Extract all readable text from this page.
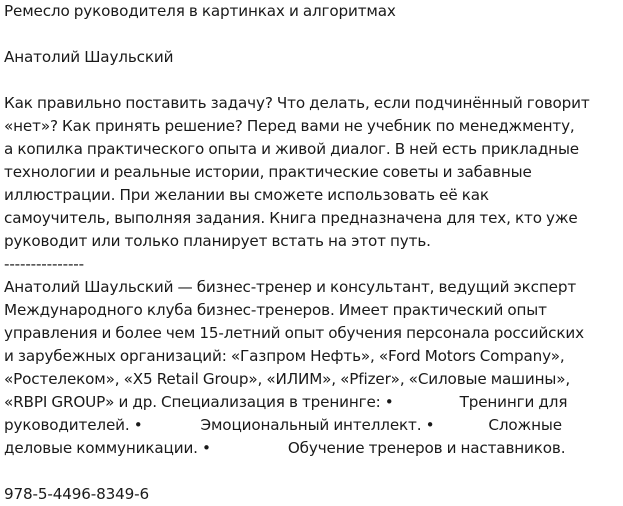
Ремесло руководителя в картинках и алгоритмах

Анатолий Шаульский

Как правильно поставить задачу? Что делать, если подчинённый говорит
«нет»? Как принять решение? Перед вами не учебник по менеджменту,
а копилка практического опыта и живой диалог. В ней есть прикладные
технологии и реальные истории, практические советы и забавные
иллюстрации. При желании вы сможете использовать её как
самоучитель, выполняя задания. Книга предназначена для тех, кто уже
руководит или только планирует встать на этот путь.
---------------
Анатолий Шаульский — бизнес-тренер и консультант, ведущий эксперт
Международного клуба бизнес-тренеров. Имеет практический опыт
управления и более чем 15-летний опыт обучения персонала российских
и зарубежных организаций: «Газпром Нефть», «Ford Motors Company»,
«Ростелеком», «X5 Retail Group», «ИЛИМ», «Pfizer», «Силовые машины»,
«RBPI GROUP» и др. Специализация в тренинге: •	Тренинги для
руководителей. •	Эмоциональный интеллект. •	Сложные
деловые коммуникации. •	Обучение тренеров и наставников.

978-5-4496-8349-6
